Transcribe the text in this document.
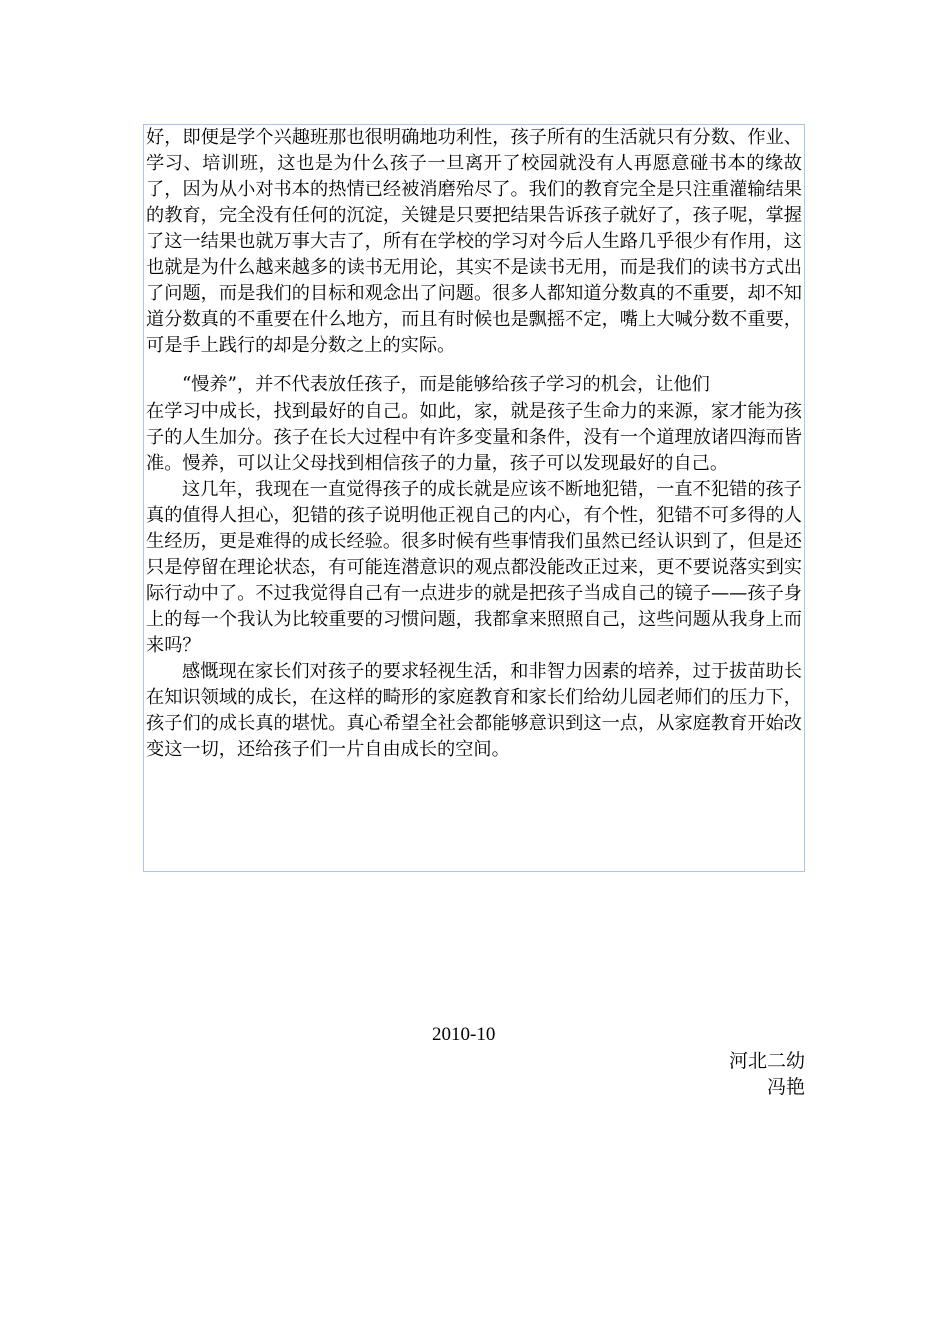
好，即便是学个兴趣班那也很明确地功利性，孩子所有的生活就只有分数、作业、学习、培训班，这也是为什么孩子一旦离开了校园就没有人再愿意碰书本的缘故了，因为从小对书本的热情已经被消磨殆尽了。我们的教育完全是只注重灌输结果的教育，完全没有任何的沉淀，关键是只要把结果告诉孩子就好了，孩子呢，掌握了这一结果也就万事大吉了，所有在学校的学习对今后人生路几乎很少有作用，这也就是为什么越来越多的读书无用论，其实不是读书无用，而是我们的读书方式出了问题，而是我们的目标和观念出了问题。很多人都知道分数真的不重要，却不知道分数真的不重要在什么地方，而且有时候也是飘摇不定，嘴上大喊分数不重要，可是手上践行的却是分数之上的实际。

“慢养”，并不代表放任孩子，而是能够给孩子学习的机会，让他们

在学习中成长，找到最好的自己。如此，家，就是孩子生命力的来源，家才能为孩子的人生加分。孩子在长大过程中有许多变量和条件，没有一个道理放诸四海而皆准。慢养，可以让父母找到相信孩子的力量，孩子可以发现最好的自己。

这几年，我现在一直觉得孩子的成长就是应该不断地犯错，一直不犯错的孩子真的值得人担心，犯错的孩子说明他正视自己的内心，有个性，犯错不可多得的人生经历，更是难得的成长经验。很多时候有些事情我们虽然已经认识到了，但是还只是停留在理论状态，有可能连潜意识的观点都没能改正过来，更不要说落实到实际行动中了。不过我觉得自己有一点进步的就是把孩子当成自己的镜子——孩子身上的每一个我认为比较重要的习惯问题，我都拿来照照自己，这些问题从我身上而来吗？

感慨现在家长们对孩子的要求轻视生活，和非智力因素的培养，过于拔苗助长在知识领域的成长，在这样的畸形的家庭教育和家长们给幼儿园老师们的压力下，孩子们的成长真的堪忧。真心希望全社会都能够意识到这一点，从家庭教育开始改变这一切，还给孩子们一片自由成长的空间。

2010-10
河北二幼
冯艳
